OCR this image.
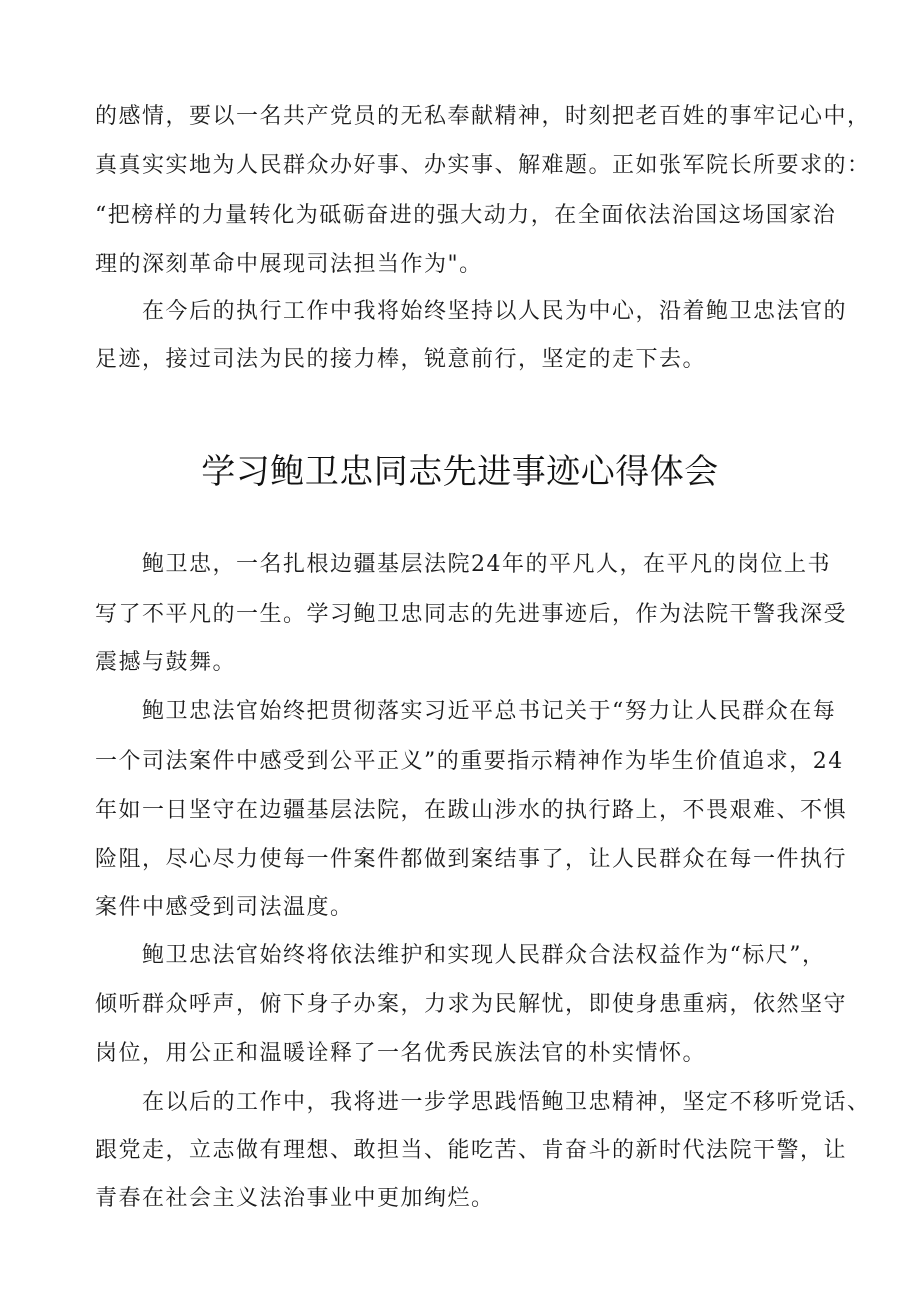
的感情，要以一名共产党员的无私奉献精神，时刻把老百姓的事牢记心中，
真真实实地为人民群众办好事、办实事、解难题。正如张军院长所要求的：
“把榜样的力量转化为砥砺奋进的强大动力，在全面依法治国这场国家治
理的深刻革命中展现司法担当作为"。
在今后的执行工作中我将始终坚持以人民为中心，沿着鲍卫忠法官的
足迹，接过司法为民的接力棒，锐意前行，坚定的走下去。
学习鲍卫忠同志先进事迹心得体会
鲍卫忠，一名扎根边疆基层法院24年的平凡人，在平凡的岗位上书
写了不平凡的一生。学习鲍卫忠同志的先进事迹后，作为法院干警我深受
震撼与鼓舞。
鲍卫忠法官始终把贯彻落实习近平总书记关于“努力让人民群众在每
一个司法案件中感受到公平正义”的重要指示精神作为毕生价值追求，24
年如一日坚守在边疆基层法院，在跋山涉水的执行路上，不畏艰难、不惧
险阻，尽心尽力使每一件案件都做到案结事了，让人民群众在每一件执行
案件中感受到司法温度。
鲍卫忠法官始终将依法维护和实现人民群众合法权益作为“标尺”，
倾听群众呼声，俯下身子办案，力求为民解忧，即使身患重病，依然坚守
岗位，用公正和温暖诠释了一名优秀民族法官的朴实情怀。
在以后的工作中，我将进一步学思践悟鲍卫忠精神，坚定不移听党话、
跟党走，立志做有理想、敢担当、能吃苦、肯奋斗的新时代法院干警，让
青春在社会主义法治事业中更加绚烂。
